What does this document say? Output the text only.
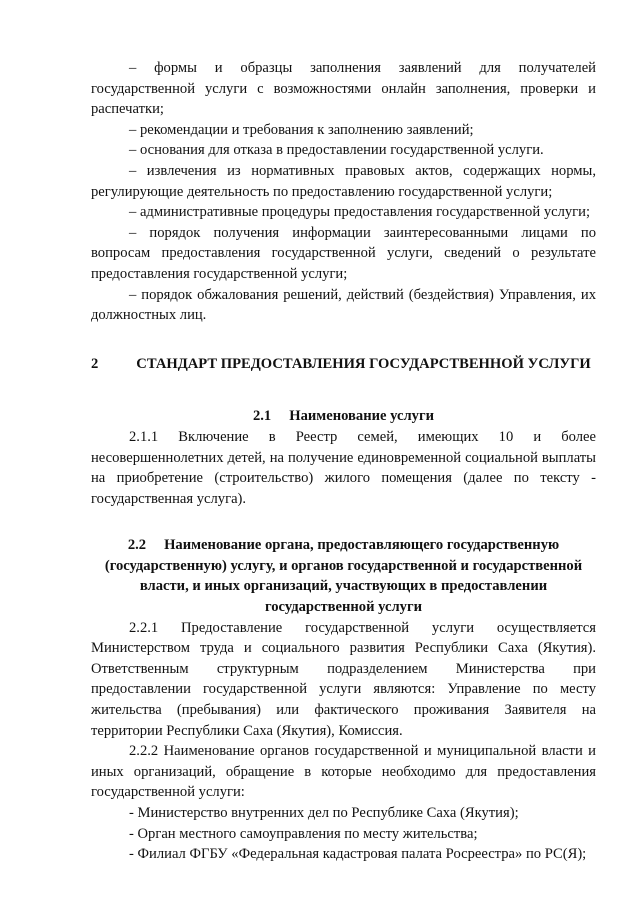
– формы и образцы заполнения заявлений для получателей государственной услуги с возможностями онлайн заполнения, проверки и распечатки;

– рекомендации и требования к заполнению заявлений;

– основания для отказа в предоставлении государственной услуги.

– извлечения из нормативных правовых актов, содержащих нормы, регулирующие деятельность по предоставлению государственной услуги;

– административные процедуры предоставления государственной услуги;

– порядок получения информации заинтересованными лицами по вопросам предоставления государственной услуги, сведений о результате предоставления государственной услуги;

– порядок обжалования решений, действий (бездействия) Управления, их должностных лиц.

2	СТАНДАРТ ПРЕДОСТАВЛЕНИЯ ГОСУДАРСТВЕННОЙ УСЛУГИ

2.1 Наименование услуги

2.1.1 Включение в Реестр семей, имеющих 10 и более несовершеннолетних детей, на получение единовременной социальной выплаты на приобретение (строительство) жилого помещения (далее по тексту - государственная услуга).

2.2 Наименование органа, предоставляющего государственную (государственную) услугу, и органов государственной и государственной власти, и иных организаций, участвующих в предоставлении государственной услуги

2.2.1 Предоставление государственной услуги осуществляется Министерством труда и социального развития Республики Саха (Якутия). Ответственным структурным подразделением Министерства при предоставлении государственной услуги являются: Управление по месту жительства (пребывания) или фактического проживания Заявителя на территории Республики Саха (Якутия), Комиссия.

2.2.2 Наименование органов государственной и муниципальной власти и иных организаций, обращение в которые необходимо для предоставления государственной услуги:

- Министерство внутренних дел по Республике Саха (Якутия);

- Орган местного самоуправления по месту жительства;

- Филиал ФГБУ «Федеральная кадастровая палата Росреестра» по РС(Я);
